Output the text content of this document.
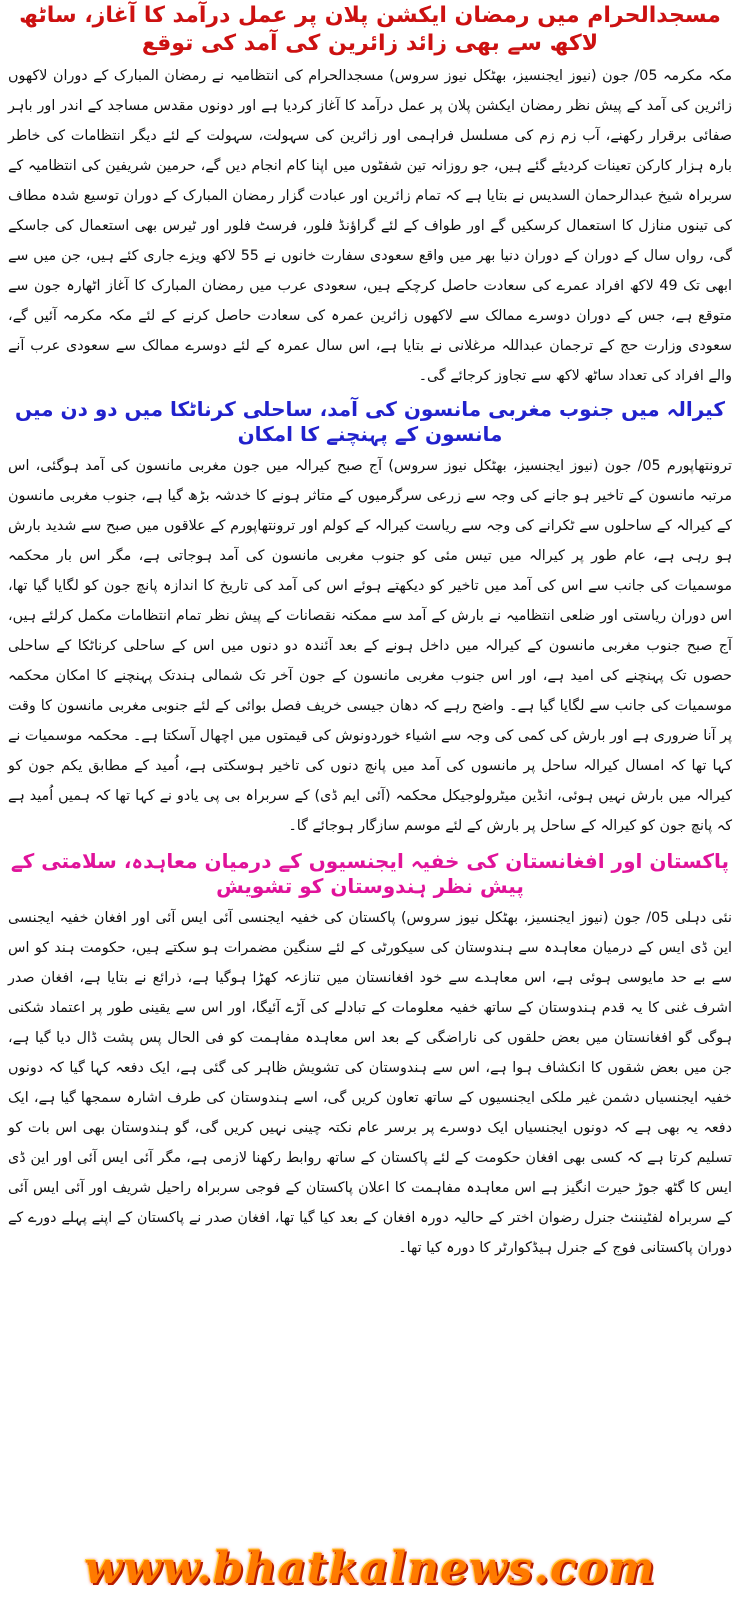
مسجدالحرام میں رمضان ایکشن پلان پر عمل درآمد کا آغاز، ساٹھ لاکھ سے بھی زائد زائرین کی آمد کی توقع

مکہ مکرمہ 05/ جون (نیوز ایجنسیز، بھٹکل نیوز سروس) مسجدالحرام کی انتظامیہ نے رمضان المبارک کے دوران لاکھوں زائرین کی آمد کے پیش نظر رمضان ایکشن پلان پر عمل درآمد کا آغاز کردیا ہے اور دونوں مقدس مساجد کے اندر اور باہر صفائی برقرار رکھنے، آب زم زم کی مسلسل فراہمی اور زائرین کی سہولت، سہولت کے لئے دیگر انتظامات کی خاطر بارہ ہزار کارکن تعینات کردیئے گئے ہیں، جو روزانہ تین شفٹوں میں اپنا کام انجام دیں گے، حرمین شریفین کی انتظامیہ کے سربراہ شیخ عبدالرحمان السدیس نے بتایا ہے کہ تمام زائرین اور عبادت گزار رمضان المبارک کے دوران توسیع شدہ مطاف کی تینوں منازل کا استعمال کرسکیں گے اور طواف کے لئے گراؤنڈ فلور، فرسٹ فلور اور ٹیرس بھی استعمال کی جاسکے گی، رواں سال کے دوران کے دوران دنیا بھر میں واقع سعودی سفارت خانوں نے 55 لاکھ ویزے جاری کئے ہیں، جن میں سے ابھی تک 49 لاکھ افراد عمرے کی سعادت حاصل کرچکے ہیں، سعودی عرب میں رمضان المبارک کا آغاز اٹھارہ جون سے متوقع ہے، جس کے دوران دوسرے ممالک سے لاکھوں زائرین عمرہ کی سعادت حاصل کرنے کے لئے مکہ مکرمہ آئیں گے، سعودی وزارت حج کے ترجمان عبداللہ مرغلانی نے بتایا ہے، اس سال عمرہ کے لئے دوسرے ممالک سے سعودی عرب آنے والے افراد کی تعداد ساٹھ لاکھ سے تجاوز کرجائے گی۔

کیرالہ میں جنوب مغربی مانسون کی آمد، ساحلی کرناٹکا میں دو دن میں مانسون کے پہنچنے کا امکان

ترونتھاپورم 05/ جون (نیوز ایجنسیز، بھٹکل نیوز سروس) آج صبح کیرالہ میں جون مغربی مانسون کی آمد ہوگئی، اس مرتبہ مانسون کے تاخیر ہو جانے کی وجہ سے زرعی سرگرمیوں کے متاثر ہونے کا خدشہ بڑھ گیا ہے، جنوب مغربی مانسون کے کیرالہ کے ساحلوں سے ٹکرانے کی وجہ سے ریاست کیرالہ کے کولم اور ترونتھاپورم کے علاقوں میں صبح سے شدید بارش ہو رہی ہے، عام طور پر کیرالہ میں تیس مئی کو جنوب مغربی مانسون کی آمد ہوجاتی ہے، مگر اس بار محکمہ موسمیات کی جانب سے اس کی آمد میں تاخیر کو دیکھتے ہوئے اس کی آمد کی تاریخ کا اندازہ پانچ جون کو لگایا گیا تھا، اس دوران ریاستی اور ضلعی انتظامیہ نے بارش کے آمد سے ممکنہ نقصانات کے پیش نظر تمام انتظامات مکمل کرلئے ہیں، آج صبح جنوب مغربی مانسون کے کیرالہ میں داخل ہونے کے بعد آئندہ دو دنوں میں اس کے ساحلی کرناٹکا کے ساحلی حصوں تک پہنچنے کی امید ہے، اور اس جنوب مغربی مانسون کے جون آخر تک شمالی ہندتک پہنچنے کا امکان محکمہ موسمیات کی جانب سے لگایا گیا ہے۔ واضح رہے کہ دھان جیسی خریف فصل بوائی کے لئے جنوبی مغربی مانسون کا وقت پر آنا ضروری ہے اور بارش کی کمی کی وجہ سے اشیاء خوردونوش کی قیمتوں میں اچھال آسکتا ہے۔ محکمہ موسمیات نے کہا تھا کہ امسال کیرالہ ساحل پر مانسوں کی آمد میں پانچ دنوں کی تاخیر ہوسکتی ہے، اُمید کے مطابق یکم جون کو کیرالہ میں بارش نہیں ہوئی، انڈین میٹرولوجیکل محکمہ (آئی ایم ڈی) کے سربراہ بی پی یادو نے کہا تھا کہ ہمیں اُمید ہے کہ پانچ جون کو کیرالہ کے ساحل پر بارش کے لئے موسم سازگار ہوجائے گا۔

پاکستان اور افغانستان کی خفیہ ایجنسیوں کے درمیان معاہدہ، سلامتی کے پیش نظر ہندوستان کو تشویش

نئی دہلی 05/ جون (نیوز ایجنسیز، بھٹکل نیوز سروس) پاکستان کی خفیہ ایجنسی آئی ایس آئی اور افغان خفیہ ایجنسی این ڈی ایس کے درمیان معاہدہ سے ہندوستان کی سیکورٹی کے لئے سنگین مضمرات ہو سکتے ہیں، حکومت ہند کو اس سے بے حد مایوسی ہوئی ہے، اس معاہدے سے خود افغانستان میں تنازعہ کھڑا ہوگیا ہے، ذرائع نے بتایا ہے، افغان صدر اشرف غنی کا یہ قدم ہندوستان کے ساتھ خفیہ معلومات کے تبادلے کی آڑے آئیگا، اور اس سے یقینی طور پر اعتماد شکنی ہوگی گو افغانستان میں بعض حلقوں کی ناراضگی کے بعد اس معاہدہ مفاہمت کو فی الحال پس پشت ڈال دیا گیا ہے، جن میں بعض شقوں کا انکشاف ہوا ہے، اس سے ہندوستان کی تشویش ظاہر کی گئی ہے، ایک دفعہ کہا گیا کہ دونوں خفیہ ایجنسیاں دشمن غیر ملکی ایجنسیوں کے ساتھ تعاون کریں گی، اسے ہندوستان کی طرف اشارہ سمجھا گیا ہے، ایک دفعہ یہ بھی ہے کہ دونوں ایجنسیاں ایک دوسرے پر برسر عام نکتہ چینی نہیں کریں گی، گو ہندوستان بھی اس بات کو تسلیم کرتا ہے کہ کسی بھی افغان حکومت کے لئے پاکستان کے ساتھ روابط رکھنا لازمی ہے، مگر آئی ایس آئی اور این ڈی ایس کا گٹھ جوڑ حیرت انگیز ہے اس معاہدہ مفاہمت کا اعلان پاکستان کے فوجی سربراہ راحیل شریف اور آئی ایس آئی کے سربراہ لفٹیننٹ جنرل رضوان اختر کے حالیہ دورہ افغان کے بعد کیا گیا تھا، افغان صدر نے پاکستان کے اپنے پہلے دورے کے دوران پاکستانی فوج کے جنرل ہیڈکوارٹر کا دورہ کیا تھا۔

www.bhatkalnews.com
